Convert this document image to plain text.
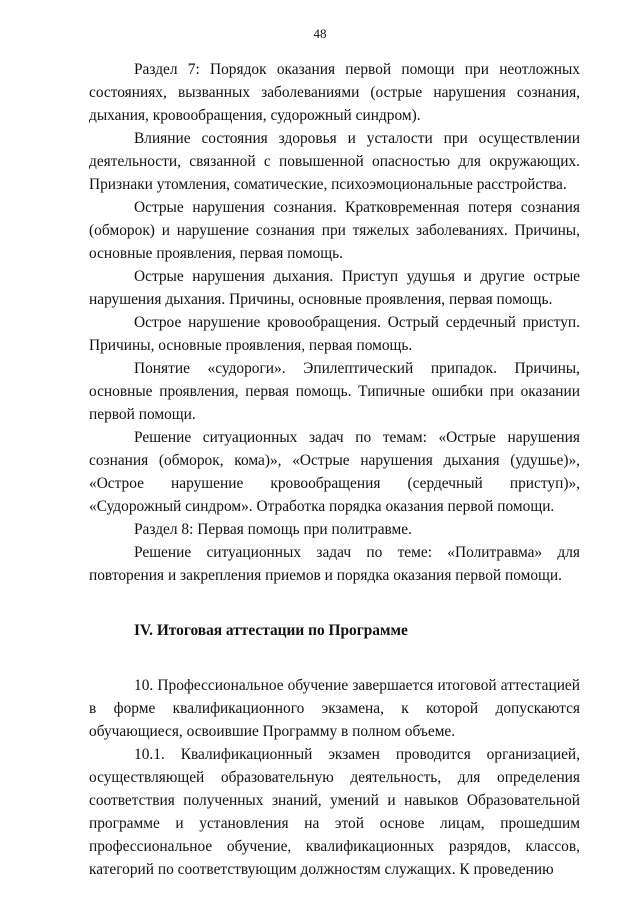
48

Раздел 7: Порядок оказания первой помощи при неотложных состояниях, вызванных заболеваниями (острые нарушения сознания, дыхания, кровообращения, судорожный синдром).

Влияние состояния здоровья и усталости при осуществлении деятельности, связанной с повышенной опасностью для окружающих. Признаки утомления, соматические, психоэмоциональные расстройства.

Острые нарушения сознания. Кратковременная потеря сознания (обморок) и нарушение сознания при тяжелых заболеваниях. Причины, основные проявления, первая помощь.

Острые нарушения дыхания. Приступ удушья и другие острые нарушения дыхания. Причины, основные проявления, первая помощь.

Острое нарушение кровообращения. Острый сердечный приступ. Причины, основные проявления, первая помощь.

Понятие «судороги». Эпилептический припадок. Причины, основные проявления, первая помощь. Типичные ошибки при оказании первой помощи.

Решение ситуационных задач по темам: «Острые нарушения сознания (обморок, кома)», «Острые нарушения дыхания (удушье)», «Острое нарушение кровообращения (сердечный приступ)», «Судорожный синдром». Отработка порядка оказания первой помощи.

Раздел 8: Первая помощь при политравме.

Решение ситуационных задач по теме: «Политравма» для повторения и закрепления приемов и порядка оказания первой помощи.

IV. Итоговая аттестации по Программе

10. Профессиональное обучение завершается итоговой аттестацией в форме квалификационного экзамена, к которой допускаются обучающиеся, освоившие Программу в полном объеме.

10.1. Квалификационный экзамен проводится организацией, осуществляющей образовательную деятельность, для определения соответствия полученных знаний, умений и навыков Образовательной программе и установления на этой основе лицам, прошедшим профессиональное обучение, квалификационных разрядов, классов, категорий по соответствующим должностям служащих. К проведению
